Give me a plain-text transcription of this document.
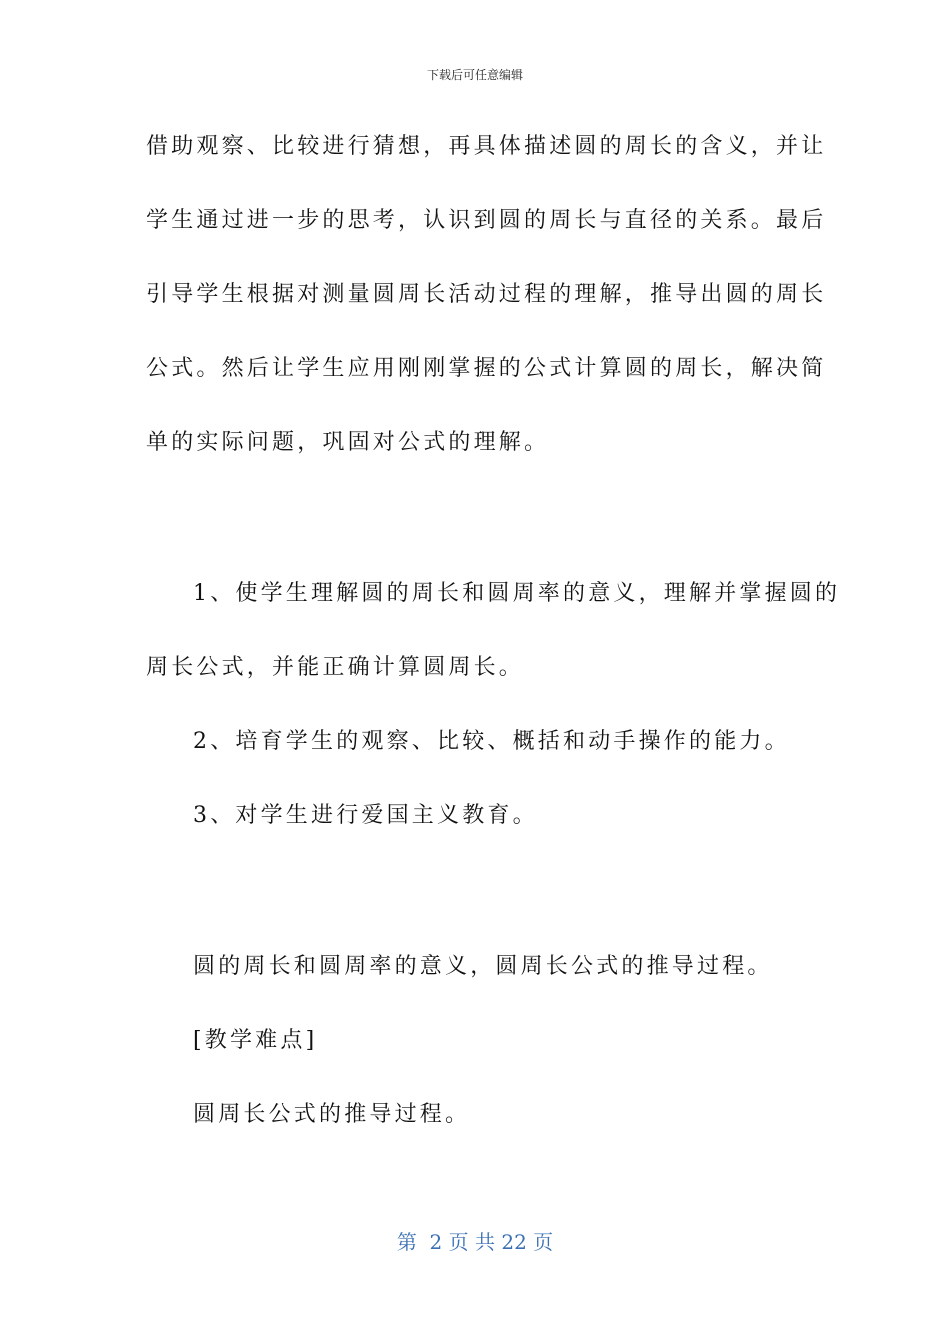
下载后可任意编辑
借助观察、比较进行猜想，再具体描述圆的周长的含义，并让
学生通过进一步的思考，认识到圆的周长与直径的关系。最后
引导学生根据对测量圆周长活动过程的理解，推导出圆的周长
公式。然后让学生应用刚刚掌握的公式计算圆的周长，解决简
单的实际问题，巩固对公式的理解。
1、使学生理解圆的周长和圆周率的意义，理解并掌握圆的
周长公式，并能正确计算圆周长。
2、培育学生的观察、比较、概括和动手操作的能力。
3、对学生进行爱国主义教育。
圆的周长和圆周率的意义，圆周长公式的推导过程。
[教学难点]
圆周长公式的推导过程。
第  2 页 共 22 页
